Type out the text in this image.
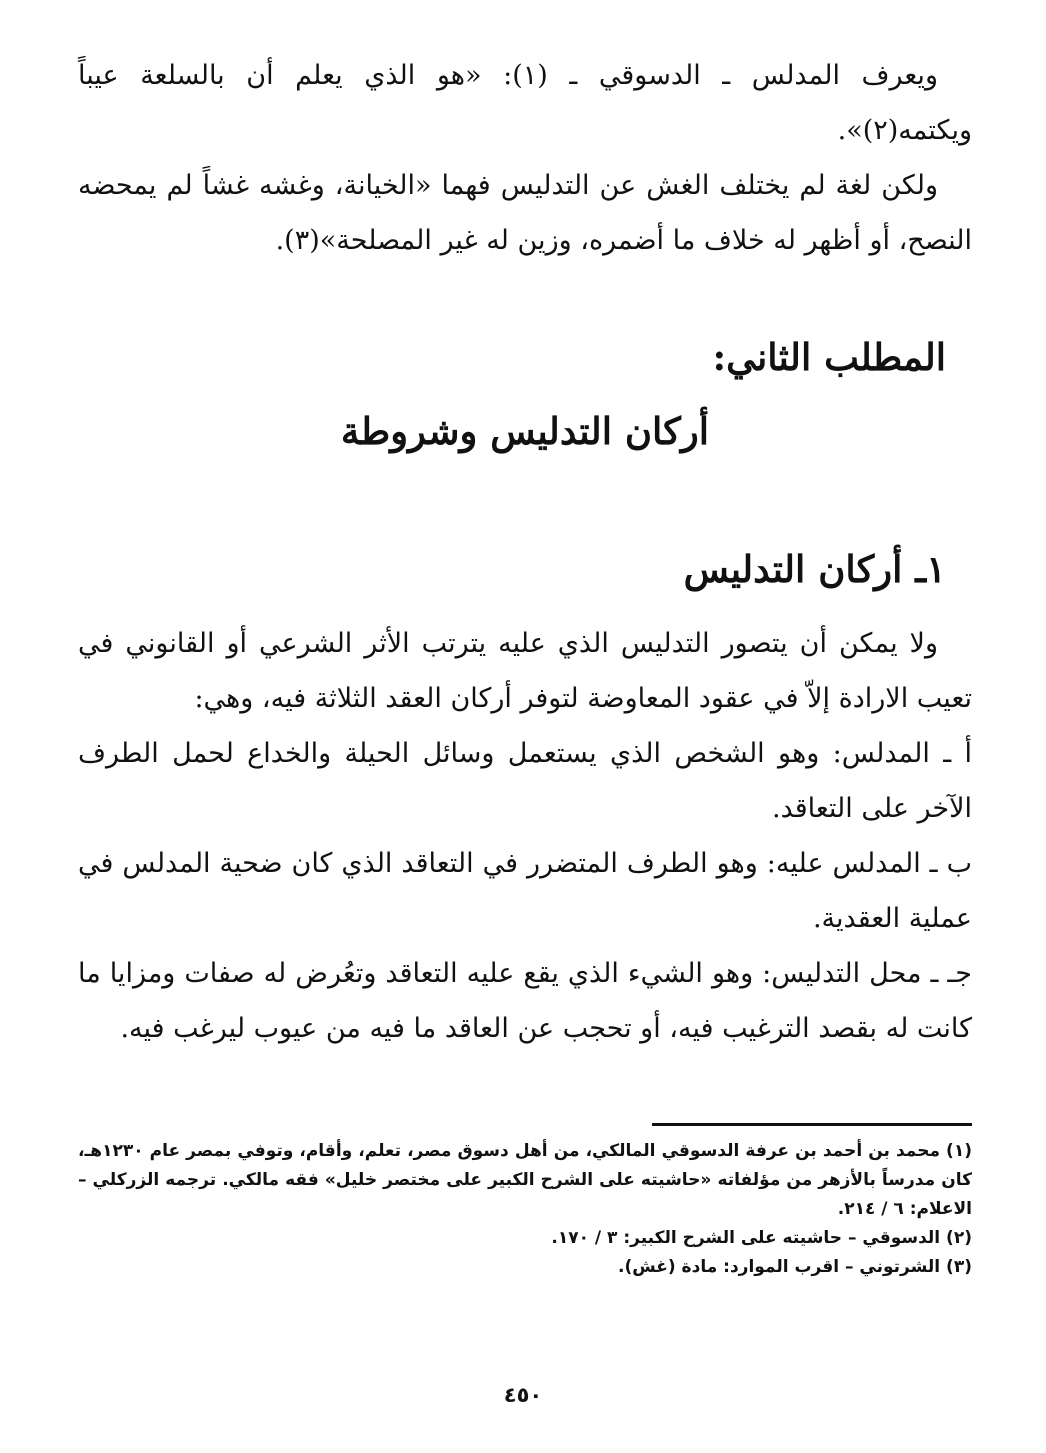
ويعرف المدلس ـ الدسوقي ـ (١): «هو الذي يعلم أن بالسلعة عيباً ويكتمه(٢)».

ولكن لغة لم يختلف الغش عن التدليس فهما «الخيانة، وغشه غشاً لم يمحضه النصح، أو أظهر له خلاف ما أضمره، وزين له غير المصلحة»(٣).

المطلب الثاني:
أركان التدليس وشروطة
١ـ أركان التدليس

ولا يمكن أن يتصور التدليس الذي عليه يترتب الأثر الشرعي أو القانوني في تعيب الارادة إلاّ في عقود المعاوضة لتوفر أركان العقد الثلاثة فيه، وهي:

أ ـ المدلس: وهو الشخص الذي يستعمل وسائل الحيلة والخداع لحمل الطرف الآخر على التعاقد.

ب ـ المدلس عليه: وهو الطرف المتضرر في التعاقد الذي كان ضحية المدلس في عملية العقدية.

جـ ـ محل التدليس: وهو الشيء الذي يقع عليه التعاقد وتعُرض له صفات ومزايا ما كانت له بقصد الترغيب فيه، أو تحجب عن العاقد ما فيه من عيوب ليرغب فيه.

(١) محمد بن أحمد بن عرفة الدسوقي المالكي، من أهل دسوق مصر، تعلم، وأقام، وتوفي بمصر عام ١٢٣٠هـ، كان مدرساً بالأزهر من مؤلفاته «حاشيته على الشرح الكبير على مختصر خليل» فقه مالكي. ترجمه الزركلي – الاعلام: ٦ / ٢١٤.

(٢) الدسوقي – حاشيته على الشرح الكبير: ٣ / ١٧٠.

(٣) الشرتوني – اقرب الموارد: مادة (غش).

٤٥٠
